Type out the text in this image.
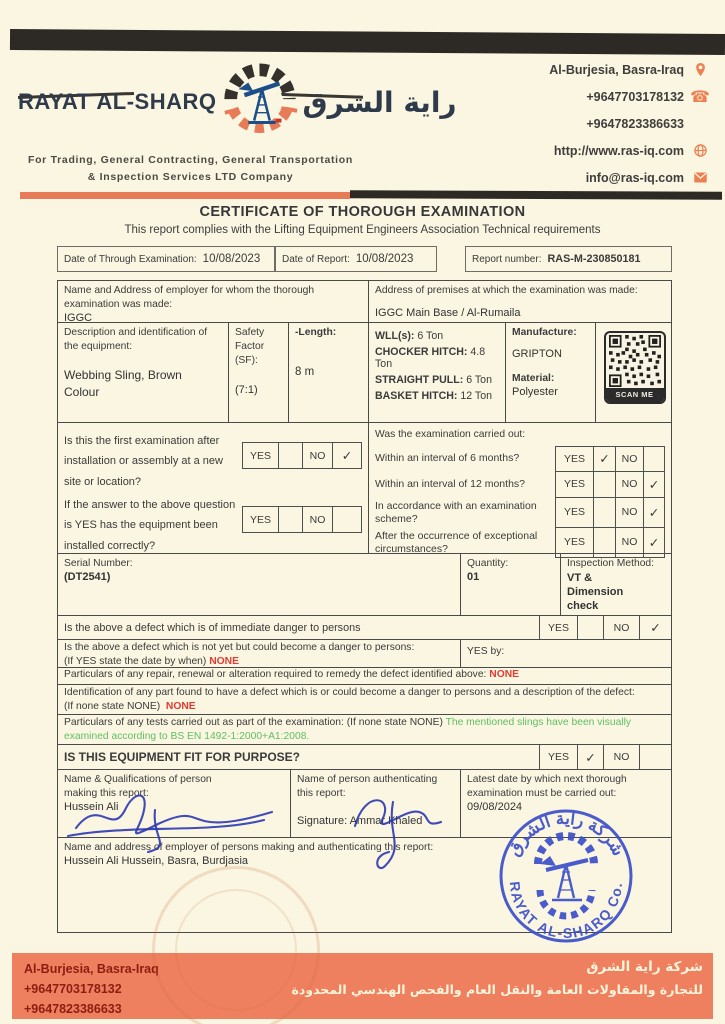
RAYAT AL-SHARQ	راية الشرق
For Trading, General Contracting, General Transportation
& Inspection Services LTD Company
Al-Burjesia, Basra-Iraq
+9647703178132 ☎
+9647823386633
http://www.ras-iq.com
info@ras-iq.com
CERTIFICATE OF THOROUGH EXAMINATION
This report complies with the Lifting Equipment Engineers Association Technical requirements
Date of Through Examination: 10/08/2023 Date of Report: 10/08/2023	Report number: RAS-M-230850181
Name and Address of employer for whom the thorough examination was made:
IGGC
Address of premises at which the examination was made:
IGGC Main Base / Al-Rumaila
Description and identification of the equipment:
Webbing Sling, Brown Colour
Safety Factor (SF):
(7:1)
-Length:
8 m
WLL(s): 6 Ton
CHOCKER HITCH: 4.8 Ton
STRAIGHT PULL: 6 Ton
BASKET HITCH: 12 Ton
Manufacture:
GRIPTON
Material:
Polyester	SCAN ME
Is this the first examination after installation or assembly at a new site or location?
YES	NO	✓
If the answer to the above question is YES has the equipment been installed correctly?
YES	NO
Was the examination carried out:
Within an interval of 6 months?	YES	✓	NO
Within an interval of 12 months?	YES	NO ✓
In accordance with an examination scheme?
YES	NO ✓
After the occurrence of exceptional circumstances?
YES	NO ✓
Serial Number:
(DT2541)
Quantity:
01
Inspection Method:
VT & Dimension check
Is the above a defect which is of immediate danger to persons	YES	NO	✓
Is the above a defect which is not yet but could become a danger to persons:
(If YES state the date by when) NONE
YES by:
Particulars of any repair, renewal or alteration required to remedy the defect identified above: NONE
Identification of any part found to have a defect which is or could become a danger to persons and a description of the defect:
(If none state NONE) NONE
Particulars of any tests carried out as part of the examination: (If none state NONE) The mentioned slings have been visually examined according to BS EN 1492-1:2000+A1:2008.
IS THIS EQUIPMENT FIT FOR PURPOSE?	YES	✓	NO
Name & Qualifications of person making this report:
Hussein Ali
Name of person authenticating this report:
Signature: Ammar Khaled
Latest date by which next thorough examination must be carried out:
09/08/2024
Name and address of employer of persons making and authenticating this report:
Hussein Ali Hussein, Basra, Burdjasia
شركة راية الشرق
RAYAT AL-SHARQ Co.
Al-Burjesia, Basra-Iraq
+9647703178132
+9647823386633
شركة راية الشرق
للتجارة والمقاولات العامة والنقل العام والفحص الهندسي المحدودة
